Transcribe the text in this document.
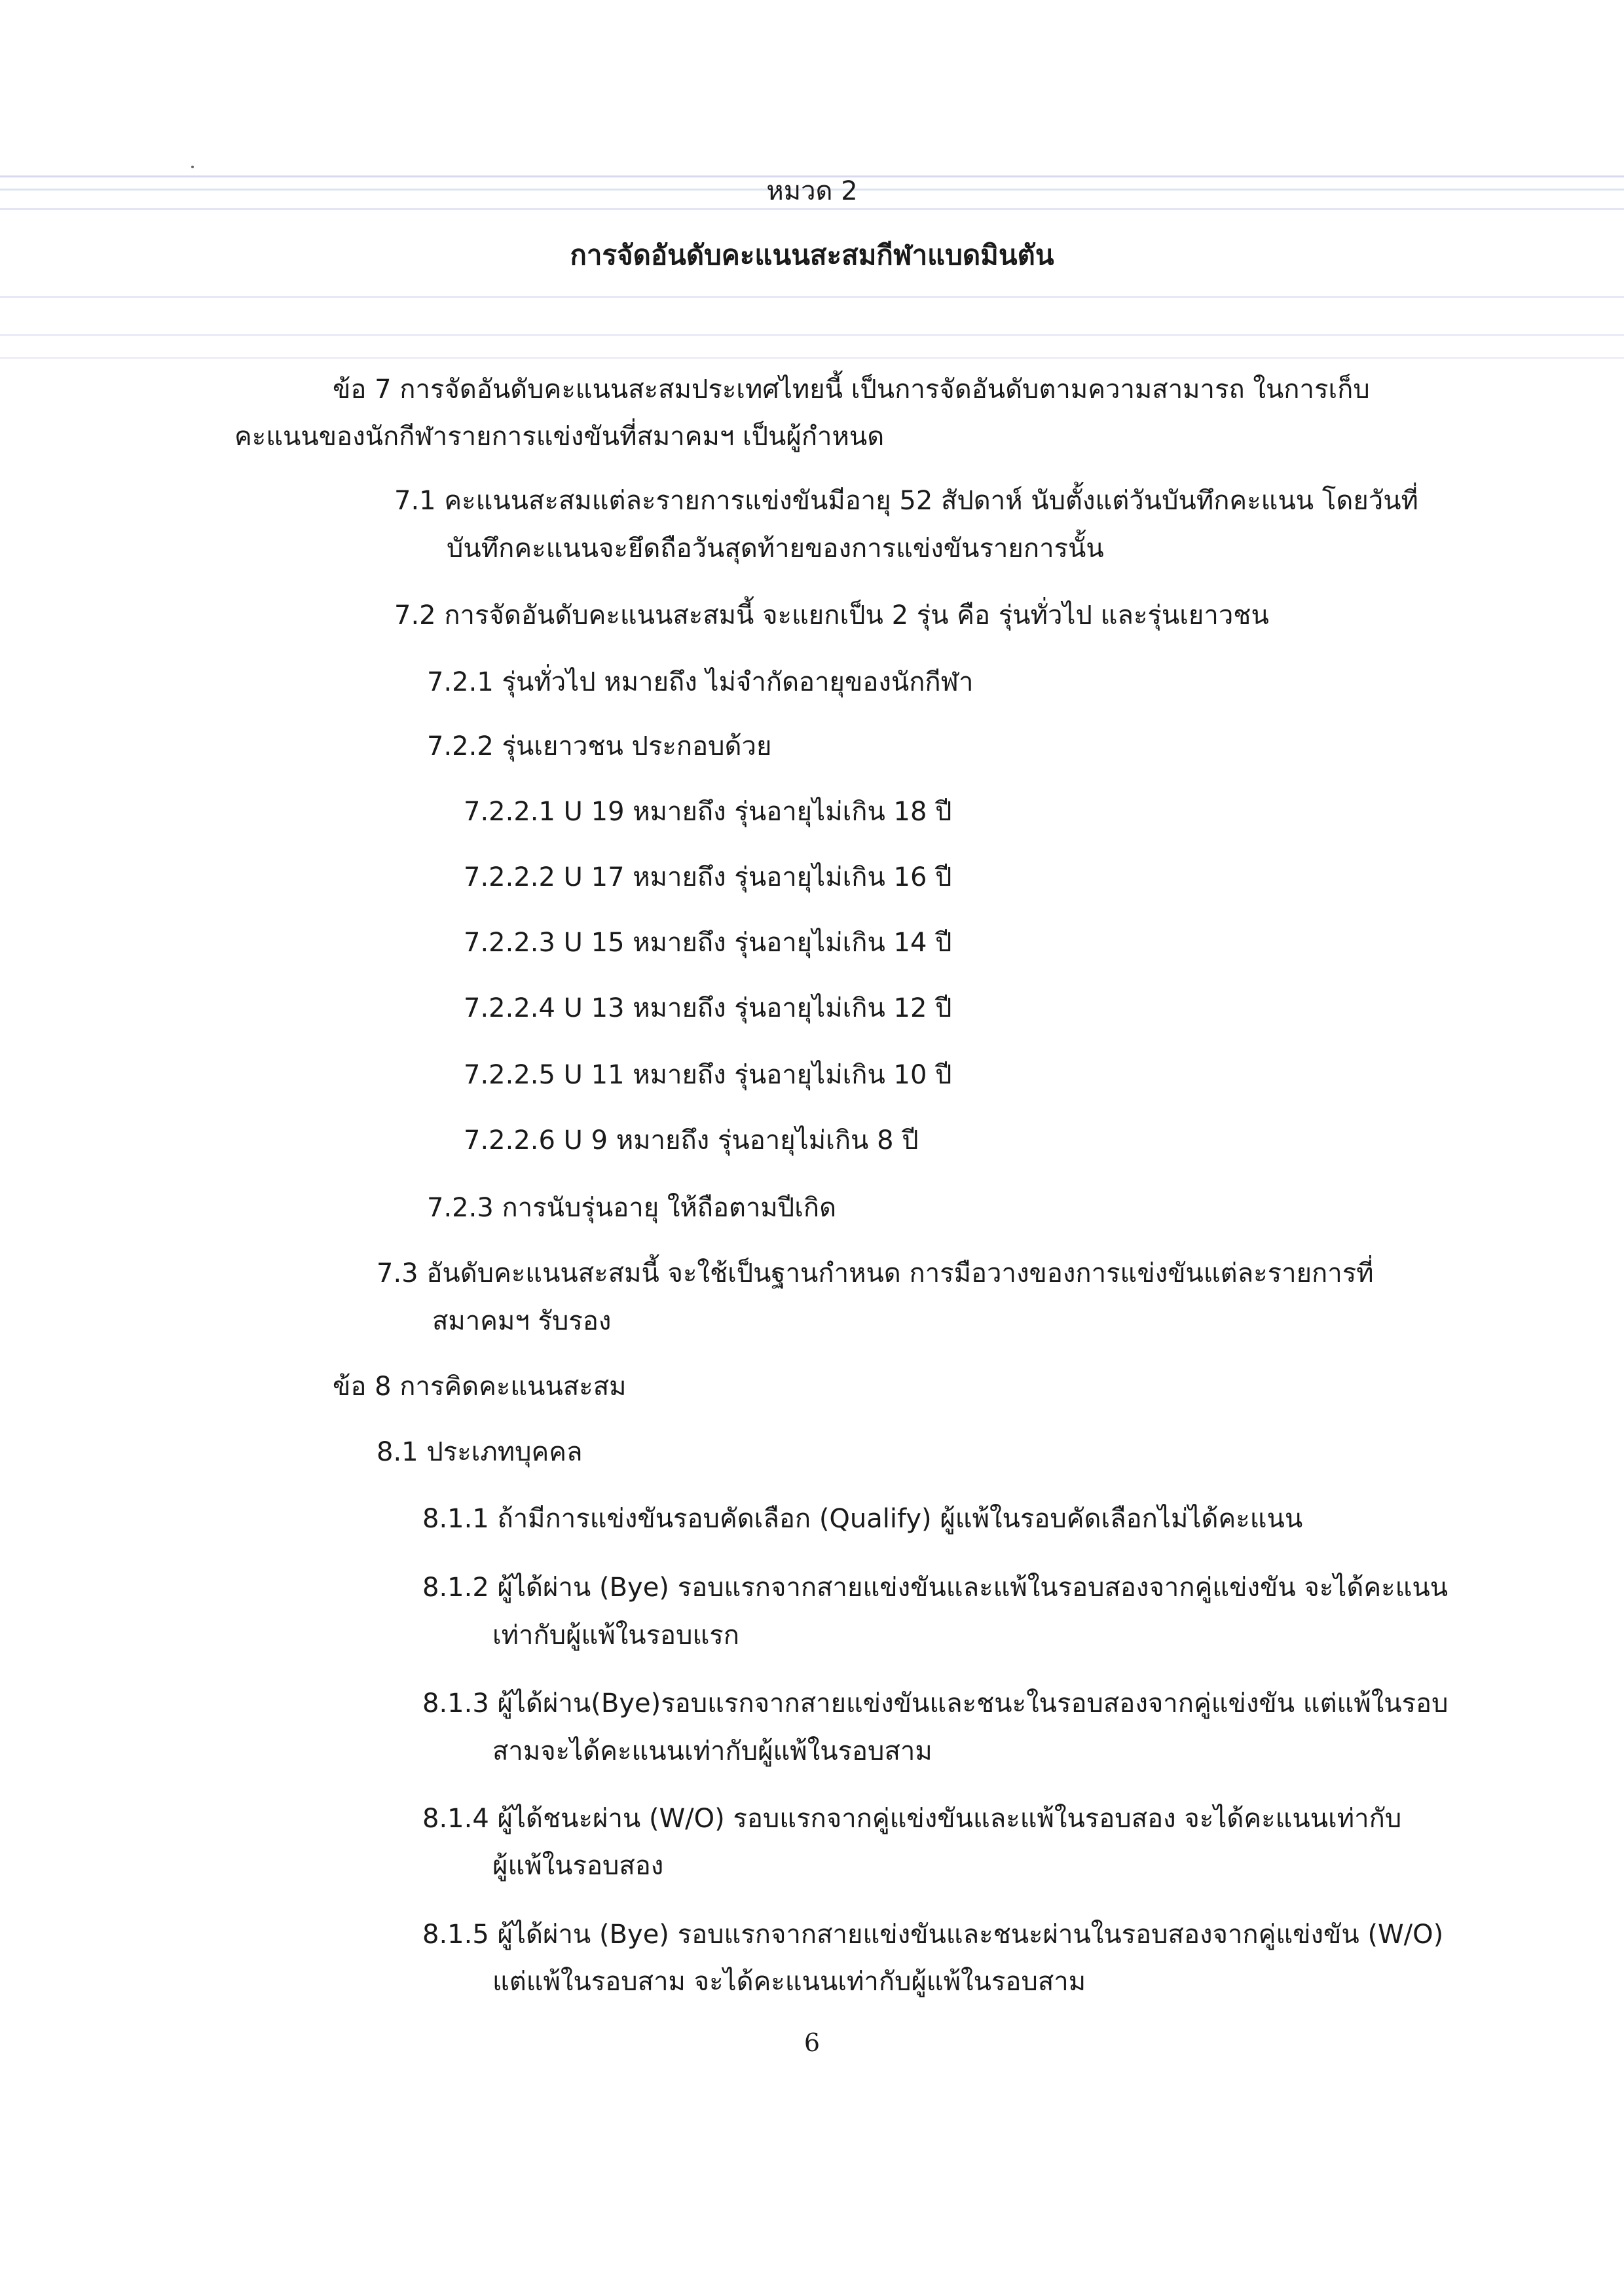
หมวด 2
การจัดอันดับคะแนนสะสมกีฬาแบดมินตัน
ข้อ 7 การจัดอันดับคะแนนสะสมประเทศไทยนี้ เป็นการจัดอันดับตามความสามารถ ในการเก็บ
คะแนนของนักกีฬารายการแข่งขันที่สมาคมฯ เป็นผู้กำหนด
7.1 คะแนนสะสมแต่ละรายการแข่งขันมีอายุ 52 สัปดาห์ นับตั้งแต่วันบันทึกคะแนน โดยวันที่
บันทึกคะแนนจะยึดถือวันสุดท้ายของการแข่งขันรายการนั้น
7.2 การจัดอันดับคะแนนสะสมนี้ จะแยกเป็น 2 รุ่น คือ รุ่นทั่วไป และรุ่นเยาวชน
7.2.1 รุ่นทั่วไป หมายถึง ไม่จำกัดอายุของนักกีฬา
7.2.2 รุ่นเยาวชน ประกอบด้วย
7.2.2.1 U 19 หมายถึง รุ่นอายุไม่เกิน 18 ปี
7.2.2.2 U 17 หมายถึง รุ่นอายุไม่เกิน 16 ปี
7.2.2.3 U 15 หมายถึง รุ่นอายุไม่เกิน 14 ปี
7.2.2.4 U 13 หมายถึง รุ่นอายุไม่เกิน 12 ปี
7.2.2.5 U 11 หมายถึง รุ่นอายุไม่เกิน 10 ปี
7.2.2.6 U 9 หมายถึง รุ่นอายุไม่เกิน 8 ปี
7.2.3 การนับรุ่นอายุ ให้ถือตามปีเกิด
7.3 อันดับคะแนนสะสมนี้ จะใช้เป็นฐานกำหนด การมือวางของการแข่งขันแต่ละรายการที่
สมาคมฯ รับรอง
ข้อ 8 การคิดคะแนนสะสม
8.1 ประเภทบุคคล
8.1.1 ถ้ามีการแข่งขันรอบคัดเลือก (Qualify) ผู้แพ้ในรอบคัดเลือกไม่ได้คะแนน
8.1.2 ผู้ได้ผ่าน (Bye) รอบแรกจากสายแข่งขันและแพ้ในรอบสองจากคู่แข่งขัน จะได้คะแนน
เท่ากับผู้แพ้ในรอบแรก
8.1.3 ผู้ได้ผ่าน(Bye)รอบแรกจากสายแข่งขันและชนะในรอบสองจากคู่แข่งขัน แต่แพ้ในรอบ
สามจะได้คะแนนเท่ากับผู้แพ้ในรอบสาม
8.1.4 ผู้ได้ชนะผ่าน (W/O) รอบแรกจากคู่แข่งขันและแพ้ในรอบสอง จะได้คะแนนเท่ากับ
ผู้แพ้ในรอบสอง
8.1.5 ผู้ได้ผ่าน (Bye) รอบแรกจากสายแข่งขันและชนะผ่านในรอบสองจากคู่แข่งขัน (W/O)
แต่แพ้ในรอบสาม จะได้คะแนนเท่ากับผู้แพ้ในรอบสาม
6
